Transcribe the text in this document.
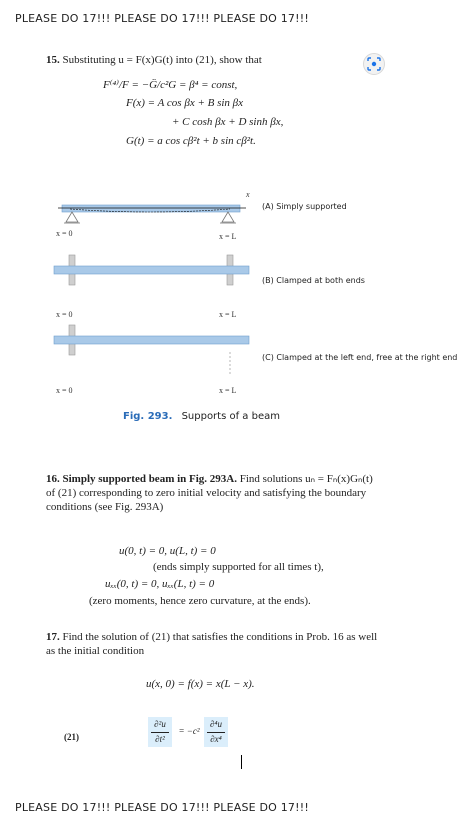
PLEASE DO 17!!! PLEASE DO 17!!! PLEASE DO 17!!!
15. Substituting u = F(x)G(t) into (21), show that
F⁽⁴⁾/F = −G̈/c²G = β⁴ = const,
F(x) = A cos βx + B sin βx
+ C cosh βx + D sinh βx,
G(t) = a cos cβ²t + b sin cβ²t.
x
(A) Simply supported
x = 0	x = L
(B) Clamped at both ends
x = 0	x = L
(C) Clamped at the left end, free at the right end
x = 0	x = L
Fig. 293. Supports of a beam
16. Simply supported beam in Fig. 293A. Find solutions uₙ = Fₙ(x)Gₙ(t) of (21) corresponding to zero initial velocity and satisfying the boundary conditions (see Fig. 293A)
u(0, t) = 0, u(L, t) = 0
(ends simply supported for all times t),
uₓₓ(0, t) = 0, uₓₓ(L, t) = 0
(zero moments, hence zero curvature, at the ends).
17. Find the solution of (21) that satisfies the conditions in Prob. 16 as well as the initial condition
u(x, 0) = f(x) = x(L − x).
(21)
∂²u
∂t²
= −c²
∂⁴u
∂x⁴
PLEASE DO 17!!! PLEASE DO 17!!! PLEASE DO 17!!!
